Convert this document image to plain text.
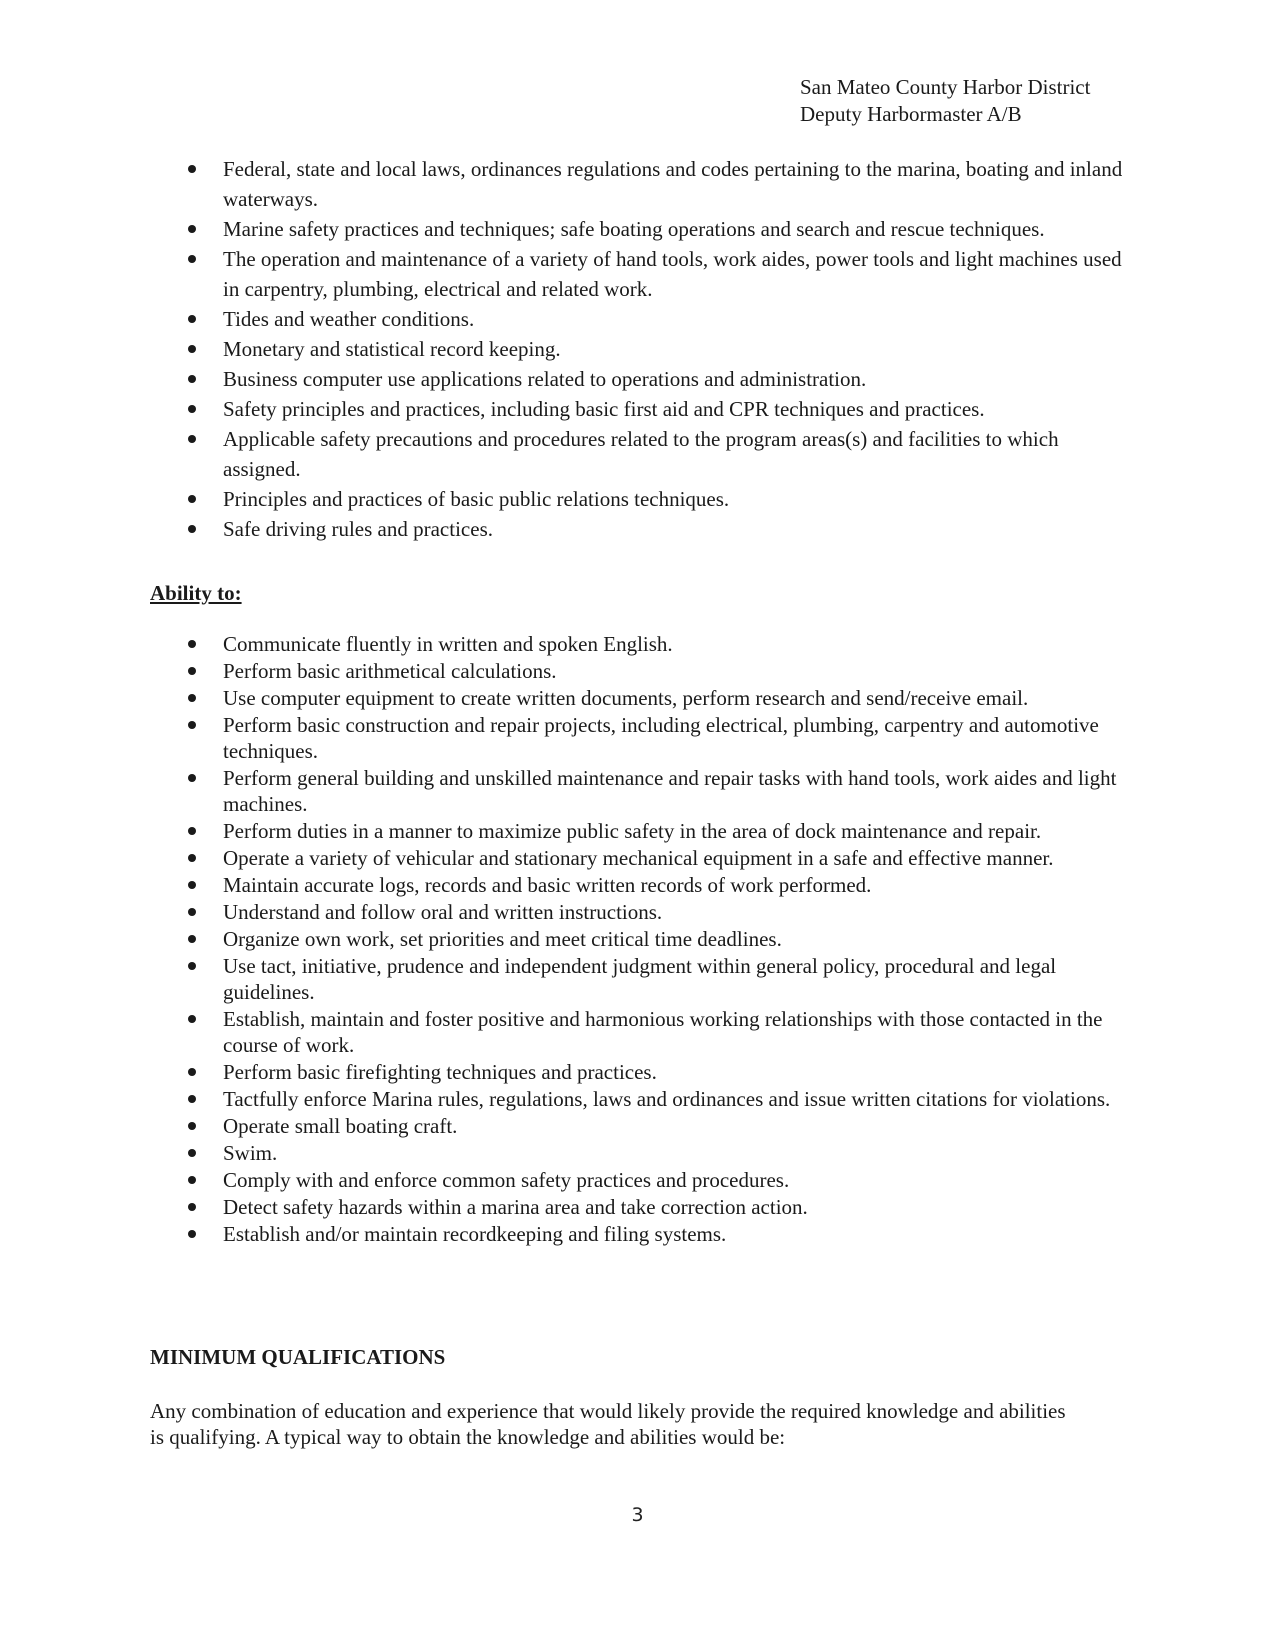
San Mateo County Harbor District
Deputy Harbormaster A/B
Federal, state and local laws, ordinances regulations and codes pertaining to the marina, boating and inland waterways.
Marine safety practices and techniques; safe boating operations and search and rescue techniques.
The operation and maintenance of a variety of hand tools, work aides, power tools and light machines used in carpentry, plumbing, electrical and related work.
Tides and weather conditions.
Monetary and statistical record keeping.
Business computer use applications related to operations and administration.
Safety principles and practices, including basic first aid and CPR techniques and practices.
Applicable safety precautions and procedures related to the program areas(s) and facilities to which assigned.
Principles and practices of basic public relations techniques.
Safe driving rules and practices.
Ability to:
Communicate fluently in written and spoken English.
Perform basic arithmetical calculations.
Use computer equipment to create written documents, perform research and send/receive email.
Perform basic construction and repair projects, including electrical, plumbing, carpentry and automotive techniques.
Perform general building and unskilled maintenance and repair tasks with hand tools, work aides and light machines.
Perform duties in a manner to maximize public safety in the area of dock maintenance and repair.
Operate a variety of vehicular and stationary mechanical equipment in a safe and effective manner.
Maintain accurate logs, records and basic written records of work performed.
Understand and follow oral and written instructions.
Organize own work, set priorities and meet critical time deadlines.
Use tact, initiative, prudence and independent judgment within general policy, procedural and legal guidelines.
Establish, maintain and foster positive and harmonious working relationships with those contacted in the course of work.
Perform basic firefighting techniques and practices.
Tactfully enforce Marina rules, regulations, laws and ordinances and issue written citations for violations.
Operate small boating craft.
Swim.
Comply with and enforce common safety practices and procedures.
Detect safety hazards within a marina area and take correction action.
Establish and/or maintain recordkeeping and filing systems.
MINIMUM QUALIFICATIONS
Any combination of education and experience that would likely provide the required knowledge and abilities is qualifying. A typical way to obtain the knowledge and abilities would be:
3
